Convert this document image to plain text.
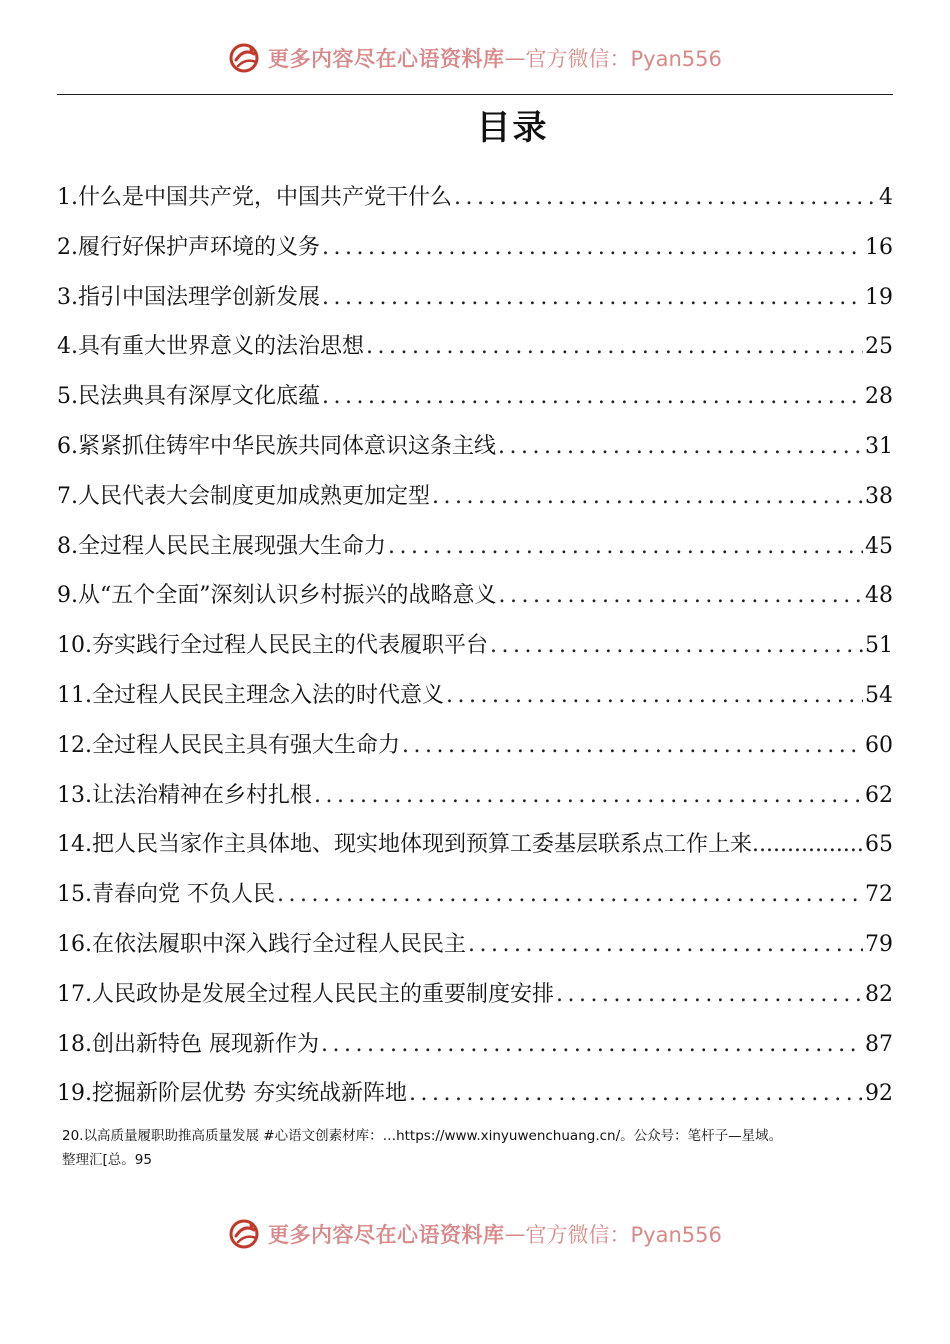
更多内容尽在心语资料库 — 官方微信：Pyan556
目录
1.什么是中国共产党，中国共产党干什么 .....	4
2.履行好保护声环境的义务 .....	16
3.指引中国法理学创新发展 .....	19
4.具有重大世界意义的法治思想 .....	25
5.民法典具有深厚文化底蕴 .....	28
6.紧紧抓住铸牢中华民族共同体意识这条主线 .....	31
7.人民代表大会制度更加成熟更加定型 .....	38
8.全过程人民民主展现强大生命力 .....	45
9.从“五个全面”深刻认识乡村振兴的战略意义 .....	48
10.夯实践行全过程人民民主的代表履职平台 .....	51
11.全过程人民民主理念入法的时代意义 .....	54
12.全过程人民民主具有强大生命力 .....	60
13.让法治精神在乡村扎根 .....	62
14.把人民当家作主具体地、现实地体现到预算工委基层联系点工作上来 .....	65
15.青春向党 不负人民 .....	72
16.在依法履职中深入践行全过程人民民主 .....	79
17.人民政协是发展全过程人民民主的重要制度安排 .....	82
18.创出新特色 展现新作为 .....	87
19.挖掘新阶层优势 夯实统战新阵地 .....	92
20.以高质量履职助推高质量发展 #心语文创素材库：…https://www.xinyuwenchuang.cn/。公众号：笔杆子—星域。
整理汇[总。95
更多内容尽在心语资料库 — 官方微信：Pyan556
